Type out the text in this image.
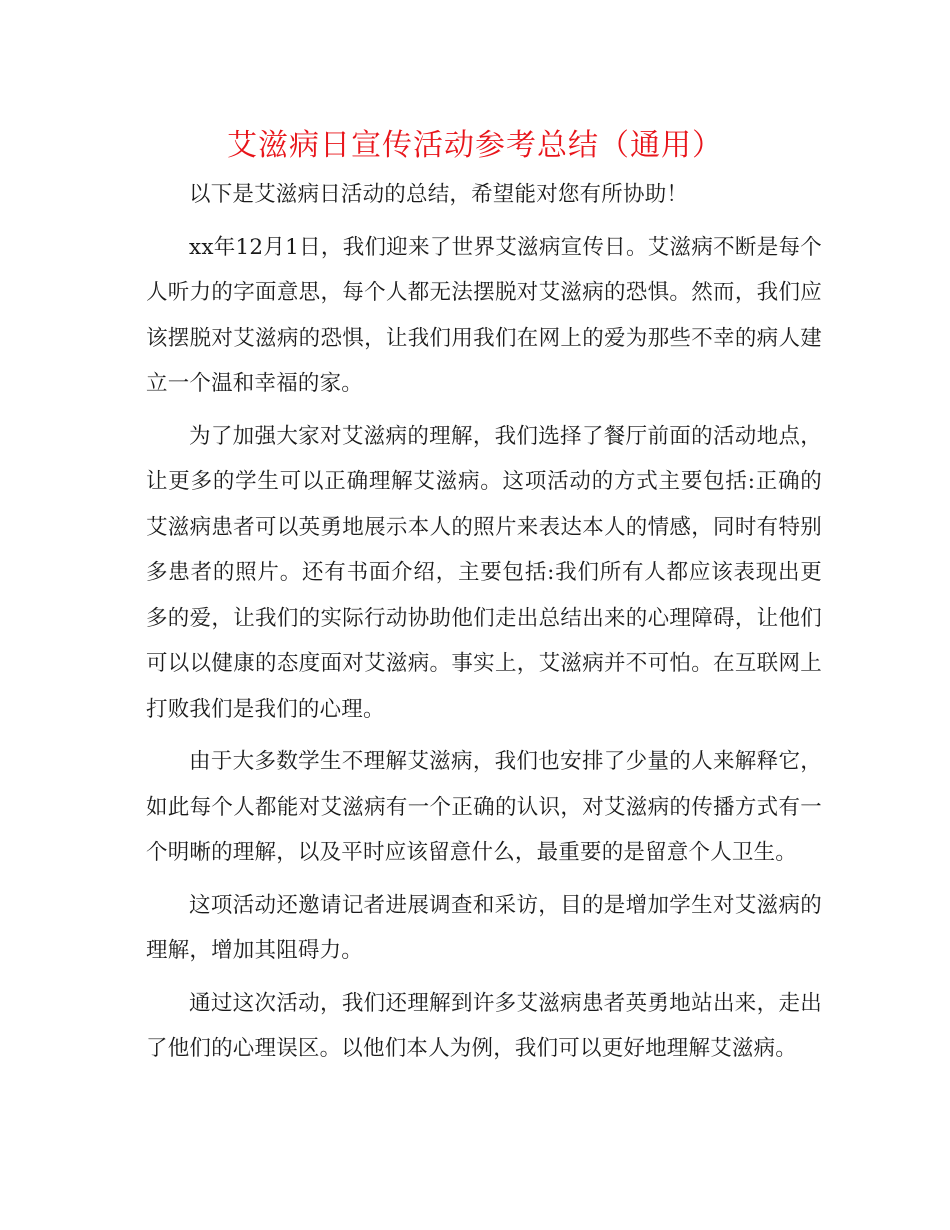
艾滋病日宣传活动参考总结（通用）

以下是艾滋病日活动的总结，希望能对您有所协助！

xx年12月1日，我们迎来了世界艾滋病宣传日。艾滋病不断是每个人听力的字面意思，每个人都无法摆脱对艾滋病的恐惧。然而，我们应该摆脱对艾滋病的恐惧，让我们用我们在网上的爱为那些不幸的病人建立一个温和幸福的家。

为了加强大家对艾滋病的理解，我们选择了餐厅前面的活动地点，让更多的学生可以正确理解艾滋病。这项活动的方式主要包括:正确的艾滋病患者可以英勇地展示本人的照片来表达本人的情感，同时有特别多患者的照片。还有书面介绍，主要包括:我们所有人都应该表现出更多的爱，让我们的实际行动协助他们走出总结出来的心理障碍，让他们可以以健康的态度面对艾滋病。事实上，艾滋病并不可怕。在互联网上打败我们是我们的心理。

由于大多数学生不理解艾滋病，我们也安排了少量的人来解释它，如此每个人都能对艾滋病有一个正确的认识，对艾滋病的传播方式有一个明晰的理解，以及平时应该留意什么，最重要的是留意个人卫生。

这项活动还邀请记者进展调查和采访，目的是增加学生对艾滋病的理解，增加其阻碍力。

通过这次活动，我们还理解到许多艾滋病患者英勇地站出来，走出了他们的心理误区。以他们本人为例，我们可以更好地理解艾滋病。
